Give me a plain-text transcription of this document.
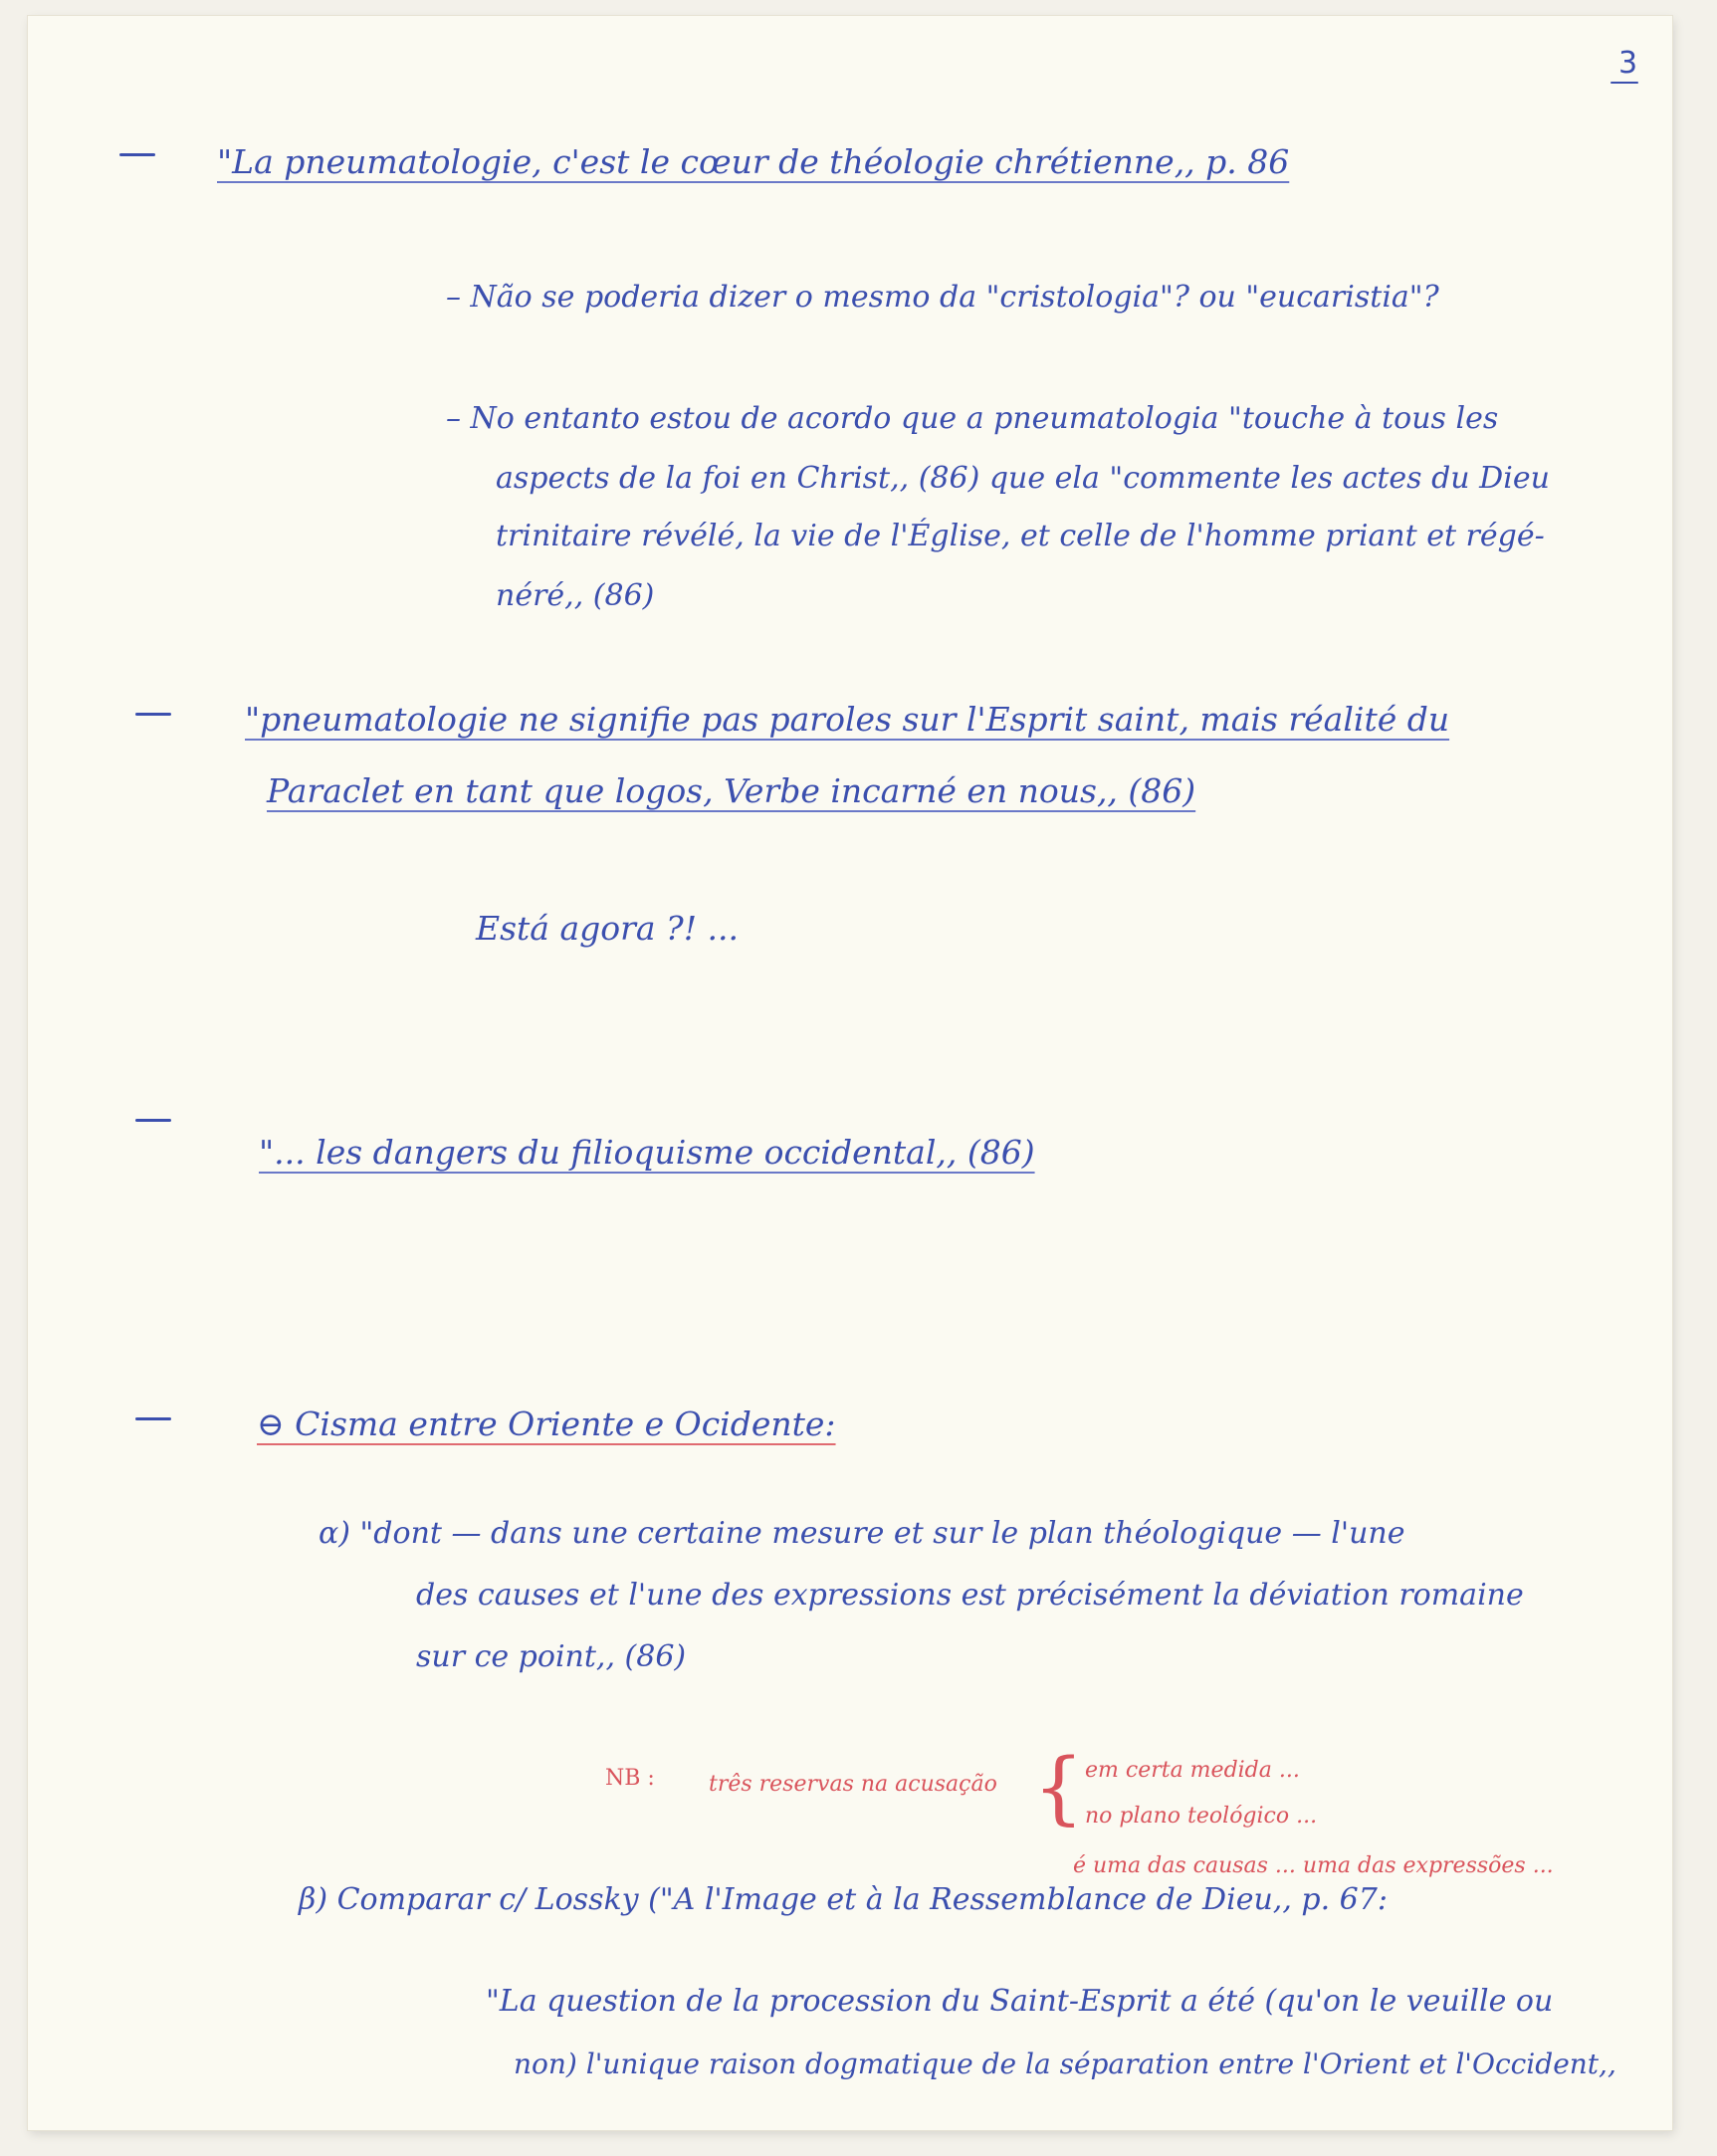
3
"La pneumatologie, c'est le cœur de théologie chrétienne,, p. 86
– Não se poderia dizer o mesmo da "cristologia"? ou "eucaristia"?
– No entanto estou de acordo que a pneumatologia "touche à tous les
aspects de la foi en Christ,, (86) que ela "commente les actes du Dieu
trinitaire révélé, la vie de l'Église, et celle de l'homme priant et régé-
néré,, (86)
"pneumatologie ne signifie pas paroles sur l'Esprit saint, mais réalité du
Paraclet en tant que logos, Verbe incarné en nous,, (86)
Está agora ?! ...
"... les dangers du filioquisme occidental,, (86)
⊖ Cisma entre Oriente e Ocidente:
α) "dont — dans une certaine mesure et sur le plan théologique — l'une
des causes et l'une des expressions est précisément la déviation romaine
sur ce point,, (86)
NB : três reservas na acusação { em certa medida ...
no plano teológico ...
é uma das causas ... uma das expressões ...
β) Comparar c/ Lossky ("A l'Image et à la Ressemblance de Dieu,, p. 67:
"La question de la procession du Saint-Esprit a été (qu'on le veuille ou
non) l'unique raison dogmatique de la séparation entre l'Orient et l'Occident,,
